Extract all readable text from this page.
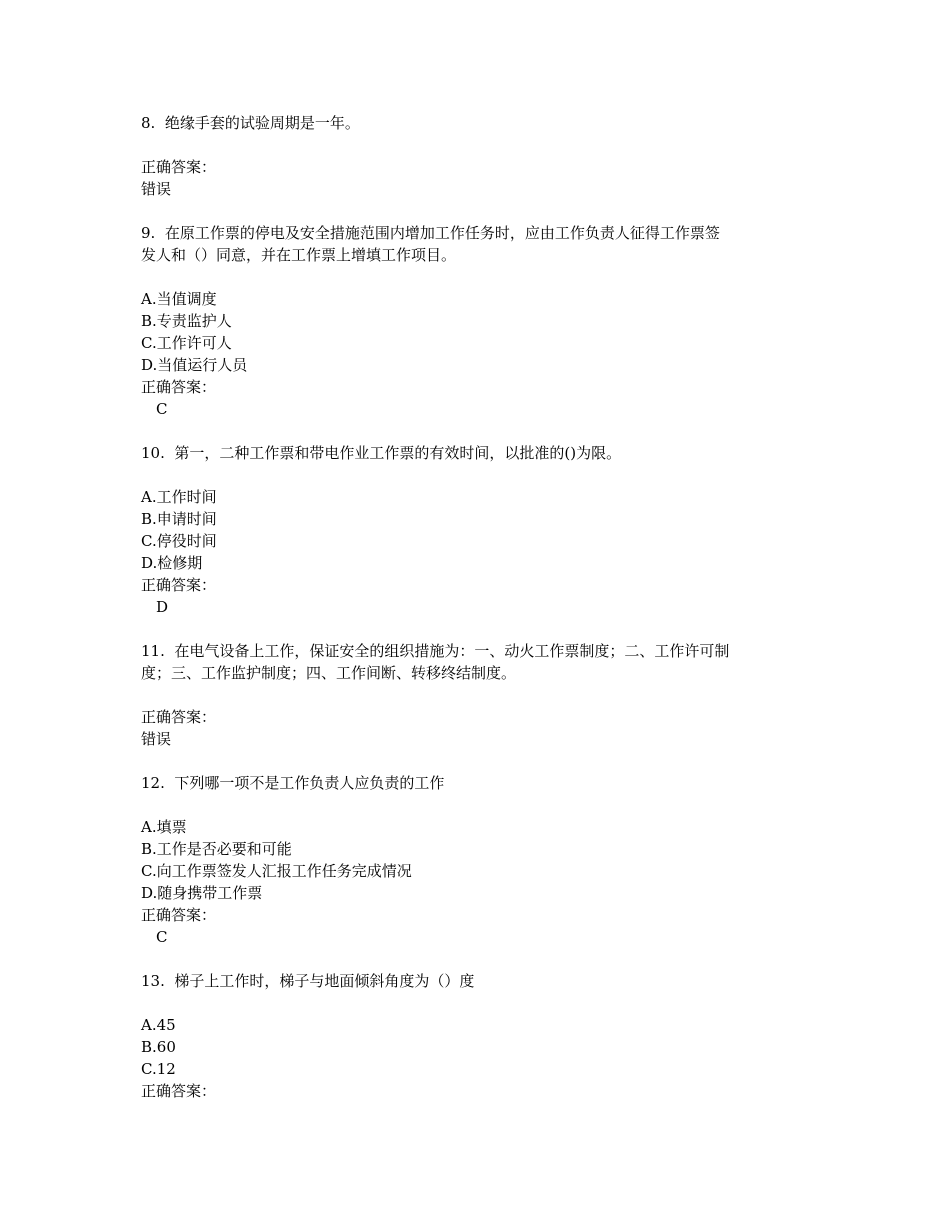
8.  绝缘手套的试验周期是一年。
正确答案：
错误
9.  在原工作票的停电及安全措施范围内增加工作任务时，应由工作负责人征得工作票签
发人和（）同意，并在工作票上增填工作项目。
A.当值调度
B.专责监护人
C.工作许可人
D.当值运行人员
正确答案：
C
10.  第一，二种工作票和带电作业工作票的有效时间，以批准的()为限。
A.工作时间
B.申请时间
C.停役时间
D.检修期
正确答案：
D
11.  在电气设备上工作，保证安全的组织措施为：一、动火工作票制度；二、工作许可制
度；三、工作监护制度；四、工作间断、转移终结制度。
正确答案：
错误
12.  下列哪一项不是工作负责人应负责的工作
A.填票
B.工作是否必要和可能
C.向工作票签发人汇报工作任务完成情况
D.随身携带工作票
正确答案：
C
13.  梯子上工作时，梯子与地面倾斜角度为（）度
A.45
B.60
C.12
正确答案：
